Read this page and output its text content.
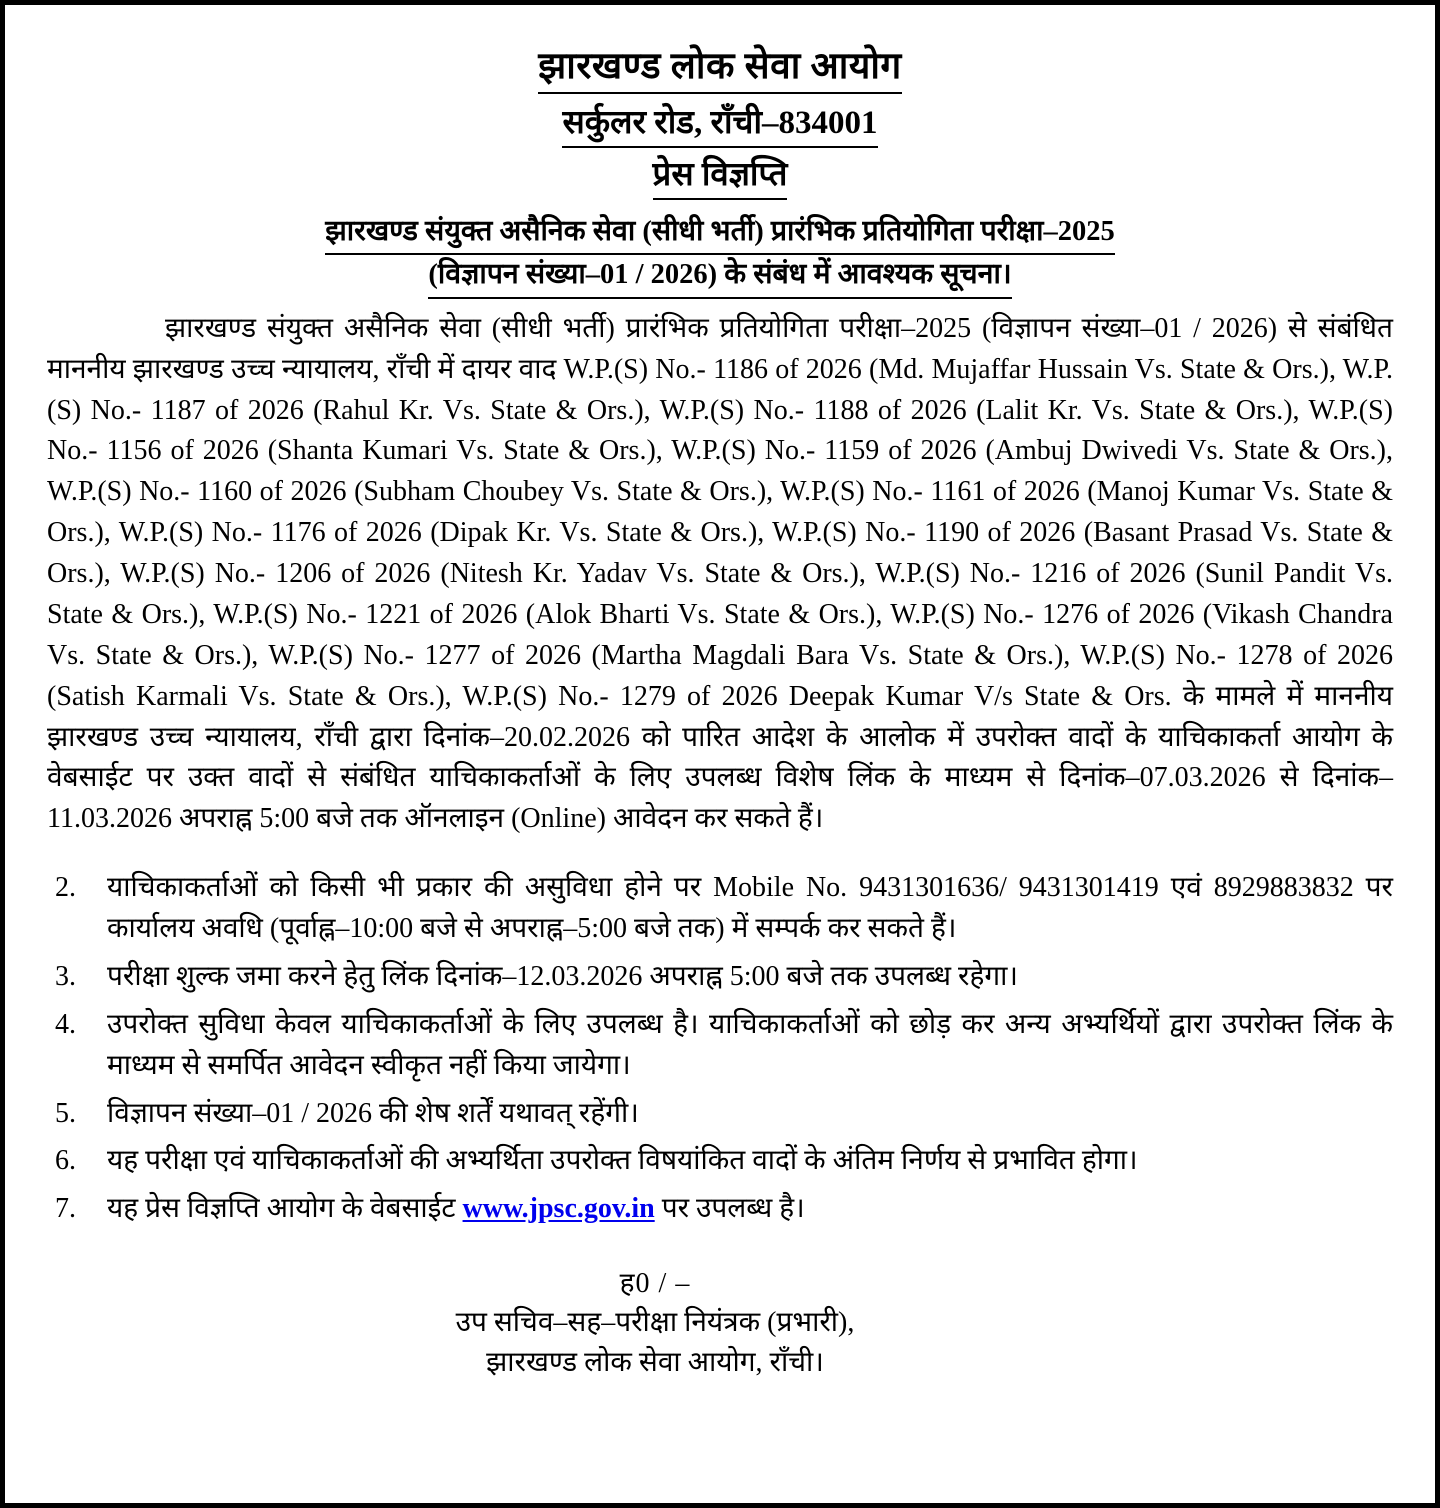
झारखण्ड लोक सेवा आयोग
सर्कुलर रोड, राँची–834001
प्रेस विज्ञप्ति
झारखण्ड संयुक्त असैनिक सेवा (सीधी भर्ती) प्रारंभिक प्रतियोगिता परीक्षा–2025
(विज्ञापन संख्या–01 / 2026) के संबंध में आवश्यक सूचना।

झारखण्ड संयुक्त असैनिक सेवा (सीधी भर्ती) प्रारंभिक प्रतियोगिता परीक्षा–2025 (विज्ञापन संख्या–01 / 2026) से संबंधित माननीय झारखण्ड उच्च न्यायालय, राँची में दायर वाद W.P.(S) No.- 1186 of 2026 (Md. Mujaffar Hussain Vs. State & Ors.), W.P.(S) No.- 1187 of 2026 (Rahul Kr. Vs. State & Ors.), W.P.(S) No.- 1188 of 2026 (Lalit Kr. Vs. State & Ors.), W.P.(S) No.- 1156 of 2026 (Shanta Kumari Vs. State & Ors.), W.P.(S) No.- 1159 of 2026 (Ambuj Dwivedi Vs. State & Ors.), W.P.(S) No.- 1160 of 2026 (Subham Choubey Vs. State & Ors.), W.P.(S) No.- 1161 of 2026 (Manoj Kumar Vs. State & Ors.), W.P.(S) No.- 1176 of 2026 (Dipak Kr. Vs. State & Ors.), W.P.(S) No.- 1190 of 2026 (Basant Prasad Vs. State & Ors.), W.P.(S) No.- 1206 of 2026 (Nitesh Kr. Yadav Vs. State & Ors.), W.P.(S) No.- 1216 of 2026 (Sunil Pandit Vs. State & Ors.), W.P.(S) No.- 1221 of 2026 (Alok Bharti Vs. State & Ors.), W.P.(S) No.- 1276 of 2026 (Vikash Chandra Vs. State & Ors.), W.P.(S) No.- 1277 of 2026 (Martha Magdali Bara Vs. State & Ors.), W.P.(S) No.- 1278 of 2026 (Satish Karmali Vs. State & Ors.), W.P.(S) No.- 1279 of 2026 Deepak Kumar V/s State & Ors. के मामले में माननीय झारखण्ड उच्च न्यायालय, राँची द्वारा दिनांक–20.02.2026 को पारित आदेश के आलोक में उपरोक्त वादों के याचिकाकर्ता आयोग के वेबसाईट पर उक्त वादों से संबंधित याचिकाकर्ताओं के लिए उपलब्ध विशेष लिंक के माध्यम से दिनांक–07.03.2026 से दिनांक–11.03.2026 अपराह्न 5:00 बजे तक ऑनलाइन (Online) आवेदन कर सकते हैं।

2.	याचिकाकर्ताओं को किसी भी प्रकार की असुविधा होने पर Mobile No. 9431301636/ 9431301419 एवं 8929883832 पर कार्यालय अवधि (पूर्वाह्न–10:00 बजे से अपराह्न–5:00 बजे तक) में सम्पर्क कर सकते हैं।
3.	परीक्षा शुल्क जमा करने हेतु लिंक दिनांक–12.03.2026 अपराह्न 5:00 बजे तक उपलब्ध रहेगा।
4.	उपरोक्त सुविधा केवल याचिकाकर्ताओं के लिए उपलब्ध है। याचिकाकर्ताओं को छोड़ कर अन्य अभ्यर्थियों द्वारा उपरोक्त लिंक के माध्यम से समर्पित आवेदन स्वीकृत नहीं किया जायेगा।
5.	विज्ञापन संख्या–01 / 2026 की शेष शर्तें यथावत् रहेंगी।
6.	यह परीक्षा एवं याचिकाकर्ताओं की अभ्यर्थिता उपरोक्त विषयांकित वादों के अंतिम निर्णय से प्रभावित होगा।
7.	यह प्रेस विज्ञप्ति आयोग के वेबसाईट www.jpsc.gov.in पर उपलब्ध है।
ह0 / –
उप सचिव–सह–परीक्षा नियंत्रक (प्रभारी),
झारखण्ड लोक सेवा आयोग, राँची।
